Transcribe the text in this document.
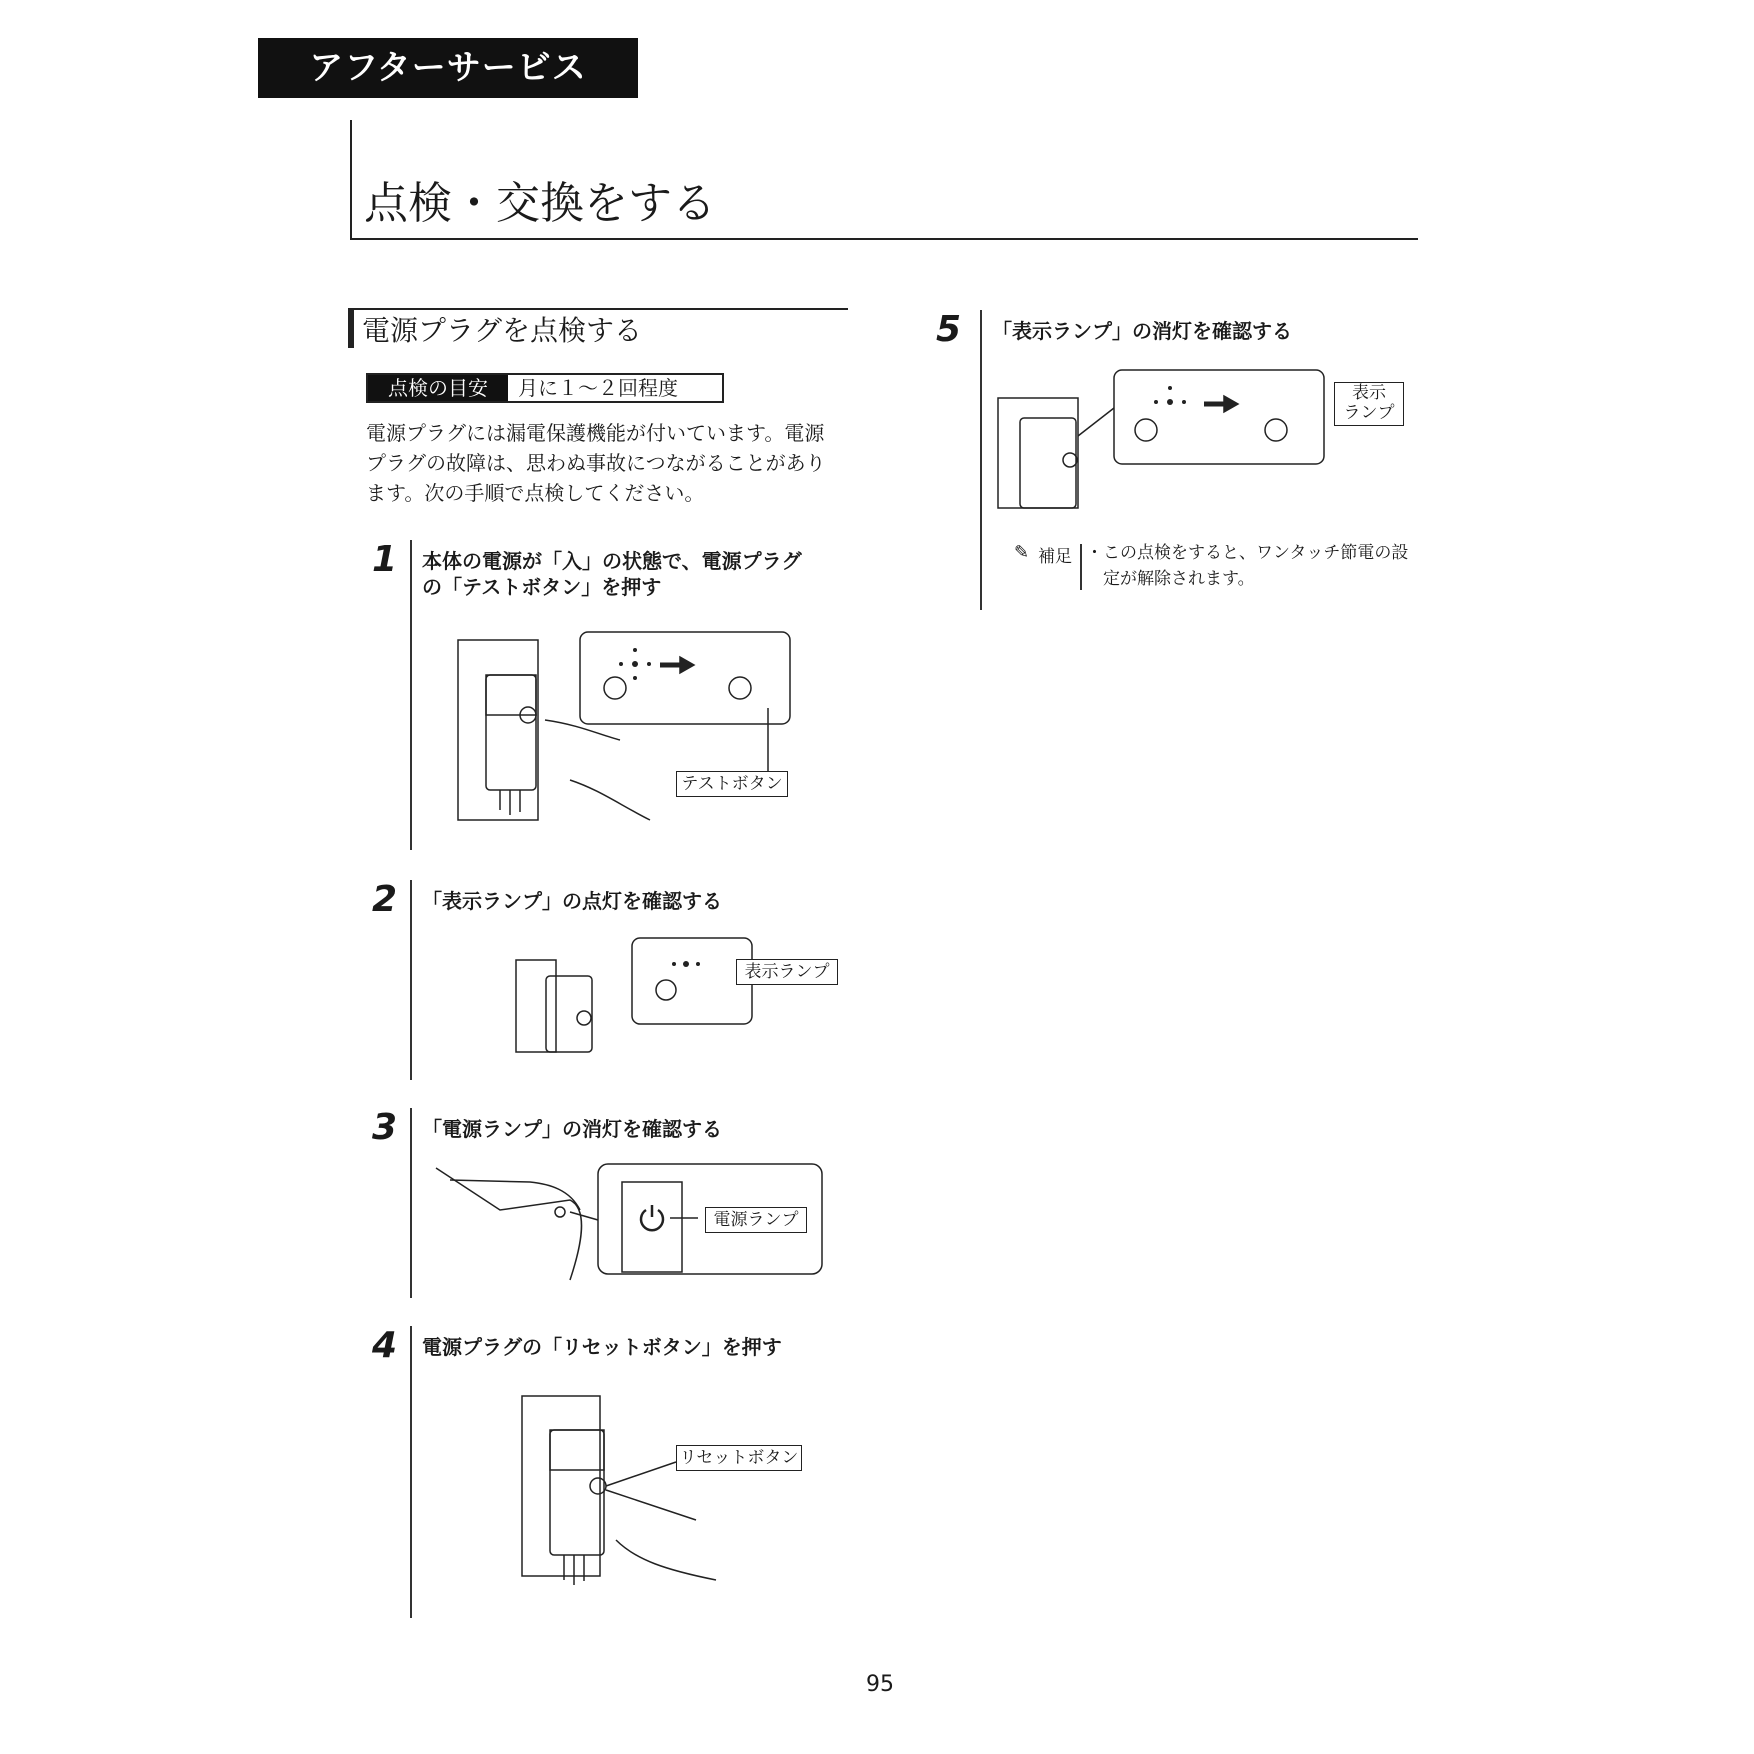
アフターサービス
点検・交換をする
電源プラグを点検する
点検の目安	月に１～２回程度
電源プラグには漏電保護機能が付いています。電源
プラグの故障は、思わぬ事故につながることがあり
ます。次の手順で点検してください。
1 本体の電源が「入」の状態で、電源プラグ
の「テストボタン」を押す
テストボタン
2 「表示ランプ」の点灯を確認する
表示ランプ
3 「電源ランプ」の消灯を確認する
電源ランプ
4 電源プラグの「リセットボタン」を押す
リセットボタン
5 「表示ランプ」の消灯を確認する
表示
ランプ
✎ 補足 ・この点検をすると、ワンタッチ節電の設
　定が解除されます。
95
